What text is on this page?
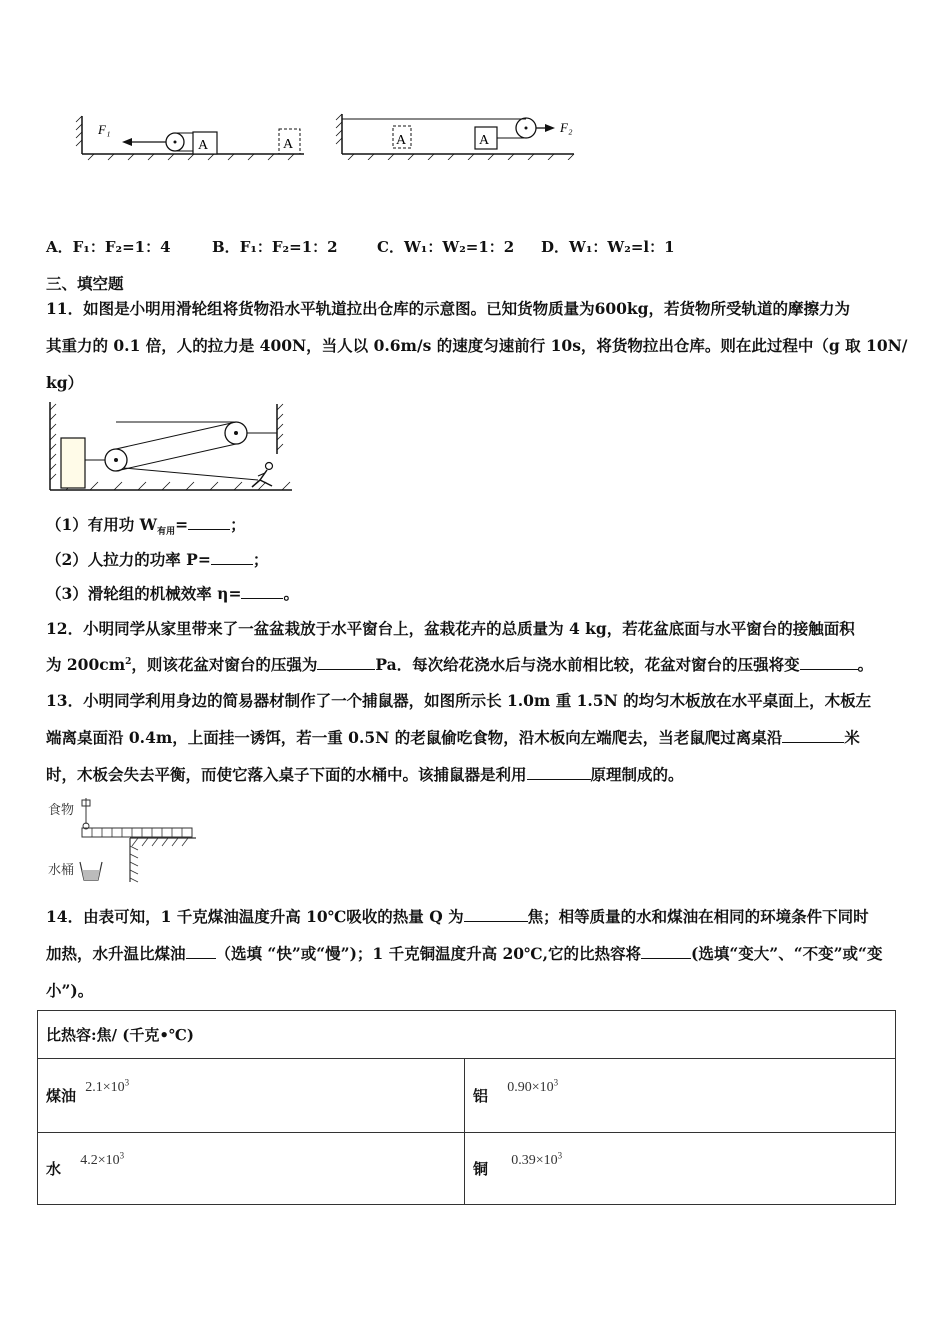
F₁
A	A	A	A
F₂
A．F₁：F₂=1：4	B．F₁：F₂=1：2	C．W₁：W₂=1：2 D．W₁：W₂=l：1
三、填空题
11．如图是小明用滑轮组将货物沿水平轨道拉出仓库的示意图。已知货物质量为600kg，若货物所受轨道的摩擦力为
其重力的 0.1 倍，人的拉力是 400N，当人以 0.6m/s 的速度匀速前行 10s，将货物拉出仓库。则在此过程中（g 取 10N/
kg）
（1）有用功 $W_{有用}=$	；
（2）人拉力的功率 P=	；
（3）滑轮组的机械效率 η=	。
12．小明同学从家里带来了一盆盆栽放于水平窗台上，盆栽花卉的总质量为 4 kg，若花盆底面与水平窗台的接触面积
为 $200cm^2$，则该花盆对窗台的压强为	Pa．每次给花浇水后与浇水前相比较，花盆对窗台的压强将变	。
13．小明同学利用身边的简易器材制作了一个捕鼠器，如图所示长 1.0m 重 1.5N 的均匀木板放在水平桌面上，木板左
端离桌面沿 0.4m，上面挂一诱饵，若一重 0.5N 的老鼠偷吃食物，沿木板向左端爬去，当老鼠爬过离桌沿	米
时，木板会失去平衡，而使它落入桌子下面的水桶中。该捕鼠器是利用	原理制成的。
食物
水桶
14．由表可知，1 千克煤油温度升高 10℃吸收的热量 Q 为	焦；相等质量的水和煤油在相同的环境条件下同时
加热，水升温比煤油 （选填 “快”或“慢”)；1 千克铜温度升高 20℃,它的比热容将	(选填“变大”、“不变”或“变
小”)。
比热容:焦/ (千克•℃)	
煤油 $2.1\times 10^3$	铝 $0.90\times 10^3$
水 $4.2\times 10^3$	铜 $0.39\times 10^3$
